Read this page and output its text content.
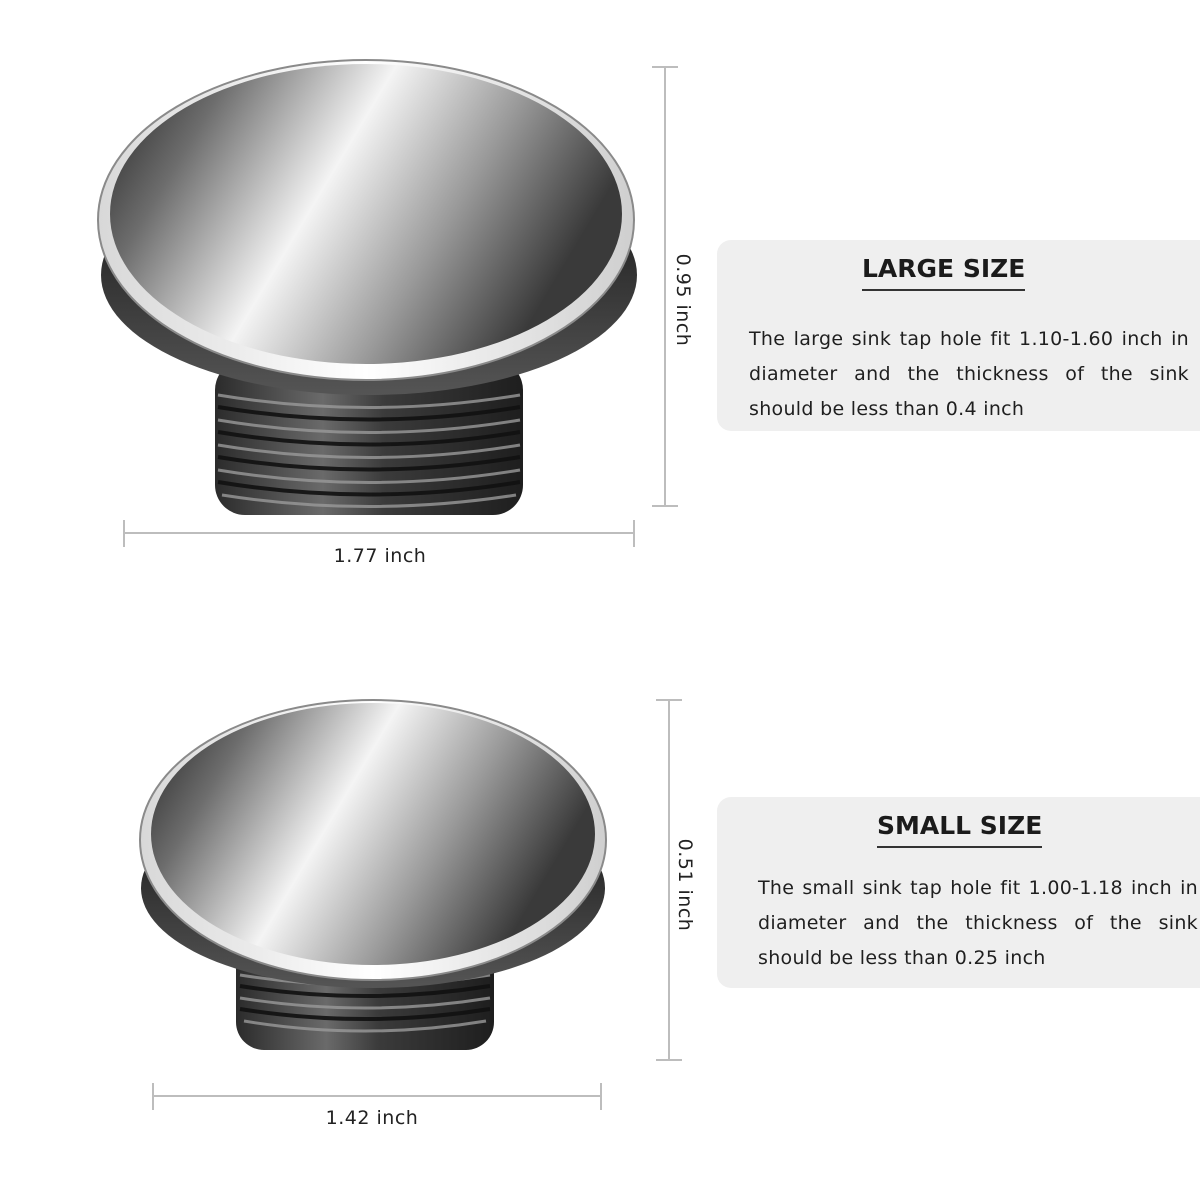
1.77 inch
0.95 inch
1.42 inch
0.51 inch
LARGE SIZE
The large sink tap hole fit 1.10-1.60 inch in diameter and the thickness of the sink should be less than 0.4 inch
SMALL SIZE
The small sink tap hole fit 1.00-1.18 inch in diameter and the thickness of the sink should be less than 0.25 inch
